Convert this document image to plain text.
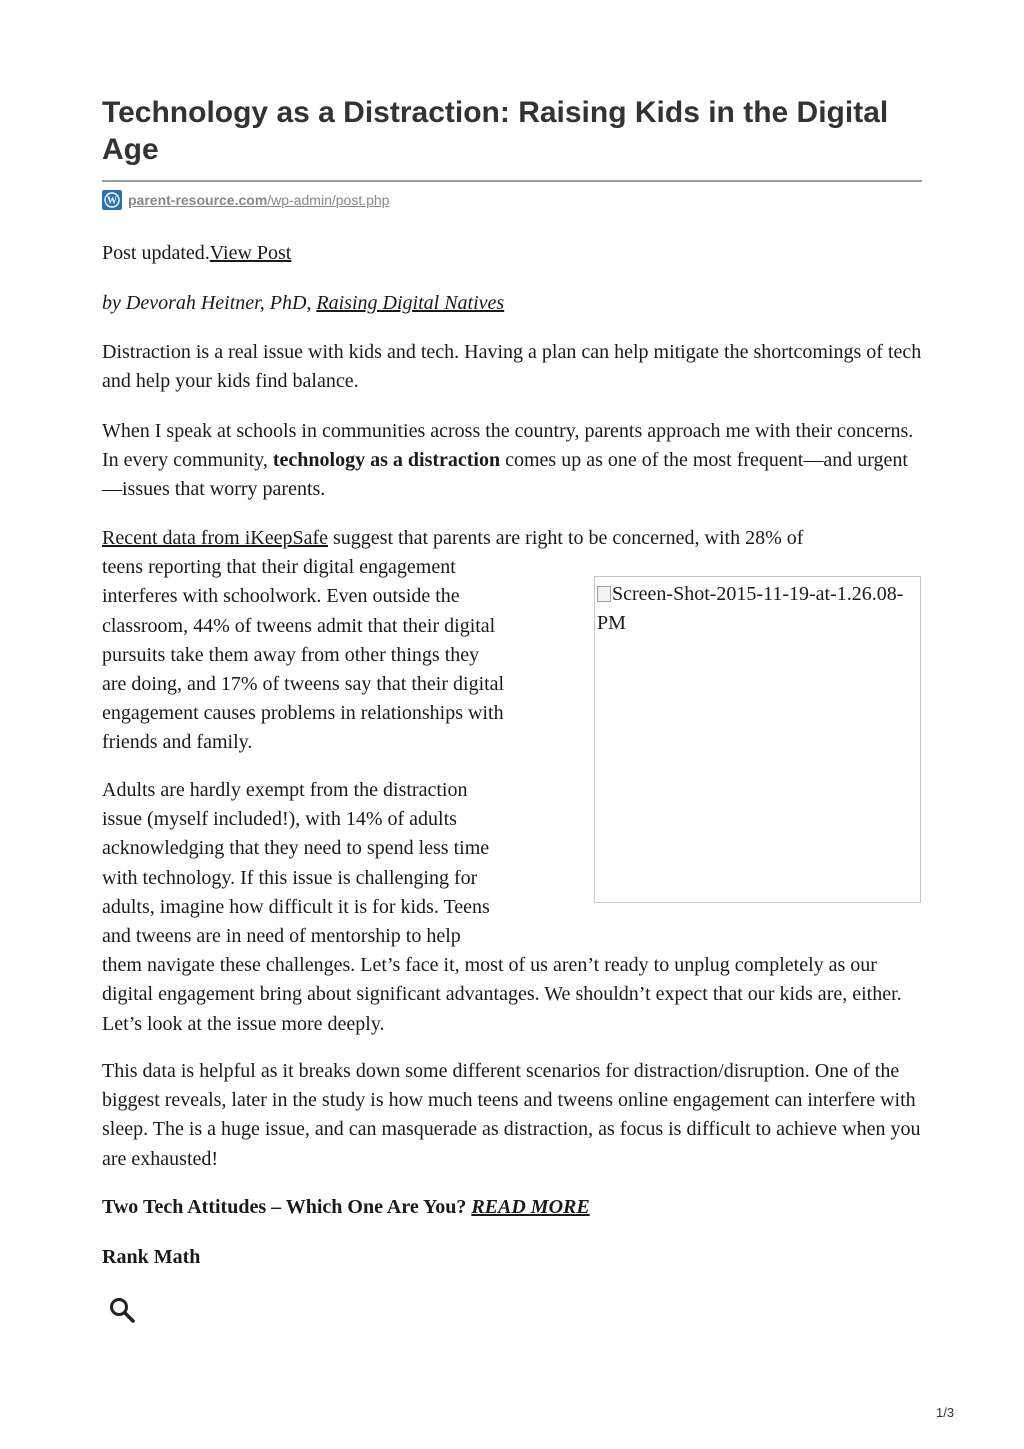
Technology as a Distraction: Raising Kids in the Digital Age
W parent-resource.com/wp-admin/post.php

Post updated.View Post

by Devorah Heitner, PhD, Raising Digital Natives

Distraction is a real issue with kids and tech. Having a plan can help mitigate the shortcomings of tech and help your kids find balance.

When I speak at schools in communities across the country, parents approach me with their concerns. In every community, technology as a distraction comes up as one of the most frequent—and urgent—issues that worry parents.

Recent data from iKeepSafe suggest that parents are right to be concerned, with 28% of
teens reporting that their digital engagement
interferes with schoolwork. Even outside the
classroom, 44% of tweens admit that their digital
pursuits take them away from other things they
are doing, and 17% of tweens say that their digital
engagement causes problems in relationships with
friends and family.

Adults are hardly exempt from the distraction
issue (myself included!), with 14% of adults
acknowledging that they need to spend less time
with technology. If this issue is challenging for
adults, imagine how difficult it is for kids. Teens
and tweens are in need of mentorship to help
them navigate these challenges. Let’s face it, most of us aren’t ready to unplug completely as our digital engagement bring about significant advantages. We shouldn’t expect that our kids are, either. Let’s look at the issue more deeply.

Screen-Shot-2015-11-19-at-1.26.08-PM

This data is helpful as it breaks down some different scenarios for distraction/disruption. One of the biggest reveals, later in the study is how much teens and tweens online engagement can interfere with sleep. The is a huge issue, and can masquerade as distraction, as focus is difficult to achieve when you are exhausted!

Two Tech Attitudes – Which One Are You? READ MORE

Rank Math

1/3
